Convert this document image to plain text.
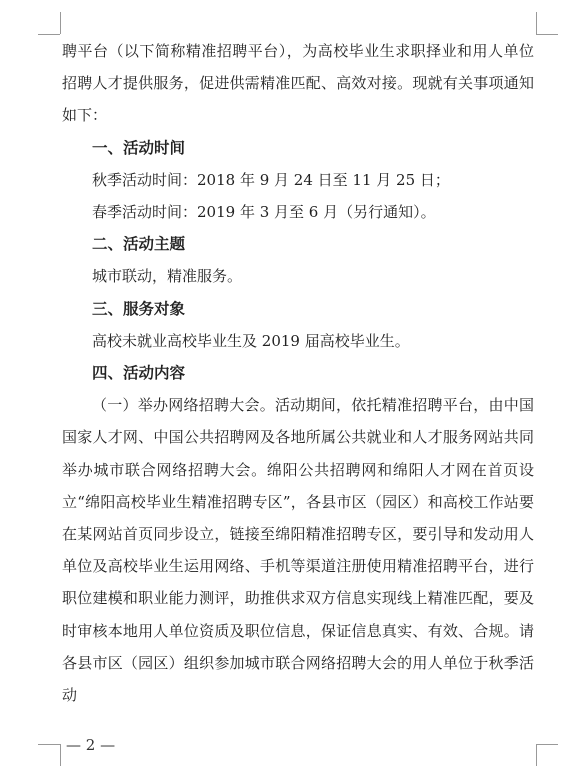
聘平台（以下简称精准招聘平台），为高校毕业生求职择业和用人单位招聘人才提供服务，促进供需精准匹配、高效对接。现就有关事项通知如下：

一、活动时间

秋季活动时间：2018 年 9 月 24 日至 11 月 25 日；

春季活动时间：2019 年 3 月至 6 月（另行通知）。

二、活动主题

城市联动，精准服务。

三、服务对象

高校未就业高校毕业生及 2019 届高校毕业生。

四、活动内容

（一）举办网络招聘大会。活动期间，依托精准招聘平台，由中国国家人才网、中国公共招聘网及各地所属公共就业和人才服务网站共同举办城市联合网络招聘大会。绵阳公共招聘网和绵阳人才网在首页设立“绵阳高校毕业生精准招聘专区”，各县市区（园区）和高校工作站要在某网站首页同步设立，链接至绵阳精准招聘专区，要引导和发动用人单位及高校毕业生运用网络、手机等渠道注册使用精准招聘平台，进行职位建模和职业能力测评，助推供求双方信息实现线上精准匹配，要及时审核本地用人单位资质及职位信息，保证信息真实、有效、合规。请各县市区（园区）组织参加城市联合网络招聘大会的用人单位于秋季活动

— 2 —
